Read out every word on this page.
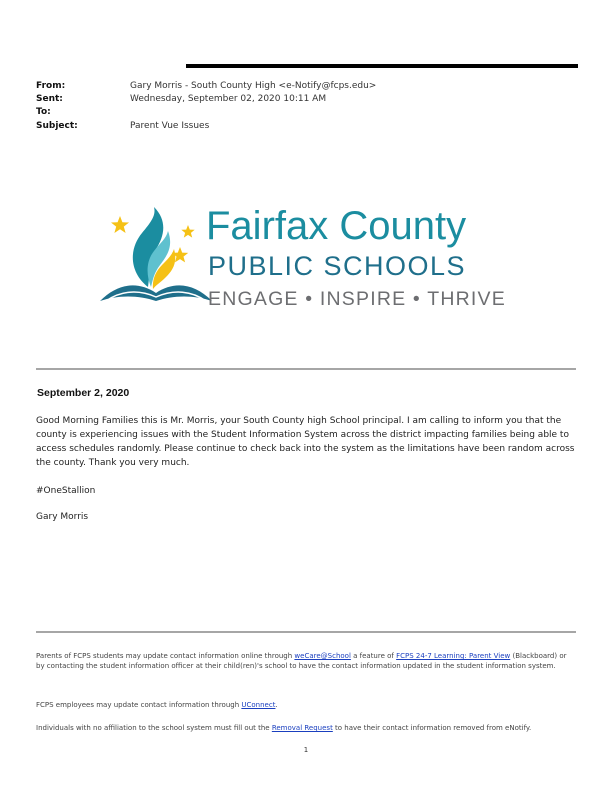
From:	Gary Morris - South County High <e-Notify@fcps.edu>
Sent:	Wednesday, September 02, 2020 10:11 AM
To:
Subject:	Parent Vue Issues
Fairfax County
PUBLIC SCHOOLS
ENGAGE • INSPIRE • THRIVE
September 2, 2020

Good Morning Families this is Mr. Morris, your South County high School principal. I am calling to inform you that the county is experiencing issues with the Student Information System across the district impacting families being able to access schedules randomly. Please continue to check back into the system as the limitations have been random across the county. Thank you very much.

#OneStallion

Gary Morris

Parents of FCPS students may update contact information online through weCare@School a feature of FCPS 24-7 Learning: Parent View (Blackboard) or by contacting the student information officer at their child(ren)'s school to have the contact information updated in the student information system.

FCPS employees may update contact information through UConnect.

Individuals with no affiliation to the school system must fill out the Removal Request to have their contact information removed from eNotify.

1
